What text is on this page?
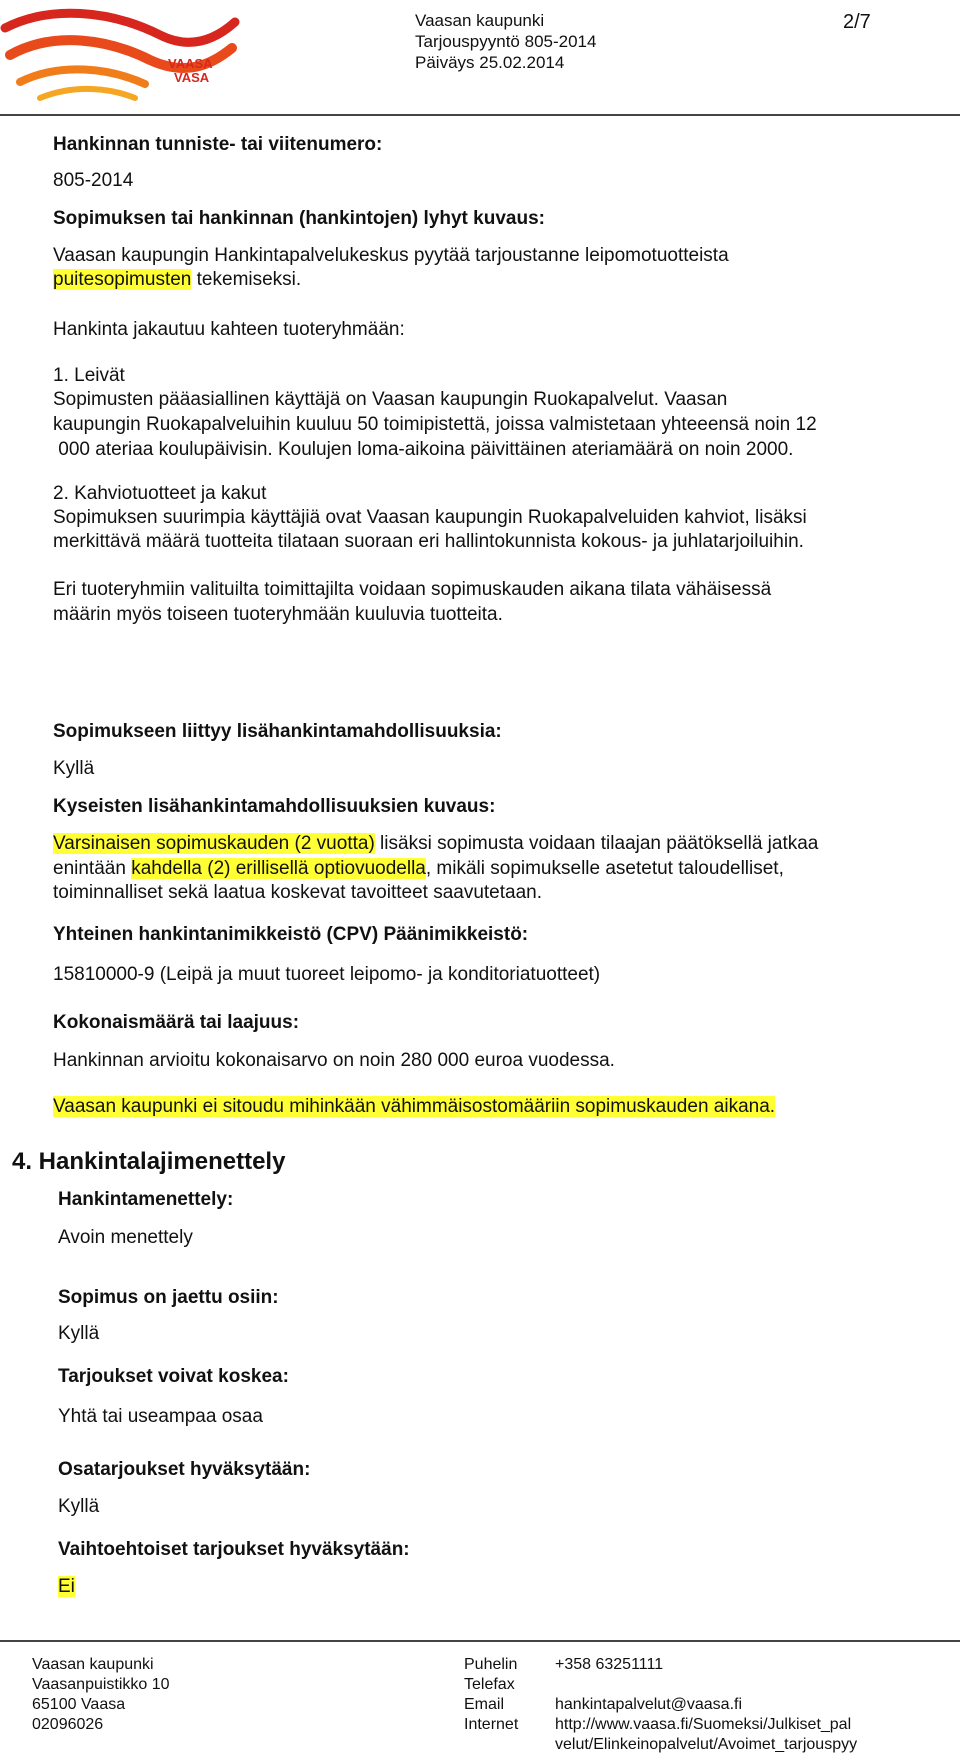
VAASA
VASA
Vaasan kaupunki
Tarjouspyyntö 805-2014
Päiväys 25.02.2014
2/7
Hankinnan tunniste- tai viitenumero:
805-2014
Sopimuksen tai hankinnan (hankintojen) lyhyt kuvaus:
Vaasan kaupungin Hankintapalvelukeskus pyytää tarjoustanne leipomotuotteista
puitesopimusten tekemiseksi.
Hankinta jakautuu kahteen tuoteryhmään:
1. Leivät
Sopimusten pääasiallinen käyttäjä on Vaasan kaupungin Ruokapalvelut. Vaasan
kaupungin Ruokapalveluihin kuuluu 50 toimipistettä, joissa valmistetaan yhteeensä noin 12
000 ateriaa koulupäivisin. Koulujen loma-aikoina päivittäinen ateriamäärä on noin 2000.
2. Kahviotuotteet ja kakut
Sopimuksen suurimpia käyttäjiä ovat Vaasan kaupungin Ruokapalveluiden kahviot, lisäksi
merkittävä määrä tuotteita tilataan suoraan eri hallintokunnista kokous- ja juhlatarjoiluihin.
Eri tuoteryhmiin valituilta toimittajilta voidaan sopimuskauden aikana tilata vähäisessä
määrin myös toiseen tuoteryhmään kuuluvia tuotteita.
Sopimukseen liittyy lisähankintamahdollisuuksia:
Kyllä
Kyseisten lisähankintamahdollisuuksien kuvaus:
Varsinaisen sopimuskauden (2 vuotta) lisäksi sopimusta voidaan tilaajan päätöksellä jatkaa
enintään kahdella (2) erillisellä optiovuodella, mikäli sopimukselle asetetut taloudelliset,
toiminnalliset sekä laatua koskevat tavoitteet saavutetaan.
Yhteinen hankintanimikkeistö (CPV) Päänimikkeistö:
15810000-9 (Leipä ja muut tuoreet leipomo- ja konditoriatuotteet)
Kokonaismäärä tai laajuus:
Hankinnan arvioitu kokonaisarvo on noin 280 000 euroa vuodessa.
Vaasan kaupunki ei sitoudu mihinkään vähimmäisostomääriin sopimuskauden aikana.
4. Hankintalajimenettely
Hankintamenettely:
Avoin menettely
Sopimus on jaettu osiin:
Kyllä
Tarjoukset voivat koskea:
Yhtä tai useampaa osaa
Osatarjoukset hyväksytään:
Kyllä
Vaihtoehtoiset tarjoukset hyväksytään:
Ei
Vaasan kaupunki
Vaasanpuistikko 10
65100 Vaasa
02096026
Puhelin
Telefax
Email
Internet
+358 63251111
hankintapalvelut@vaasa.fi
http://www.vaasa.fi/Suomeksi/Julkiset_pal
velut/Elinkeinopalvelut/Avoimet_tarjouspyy
